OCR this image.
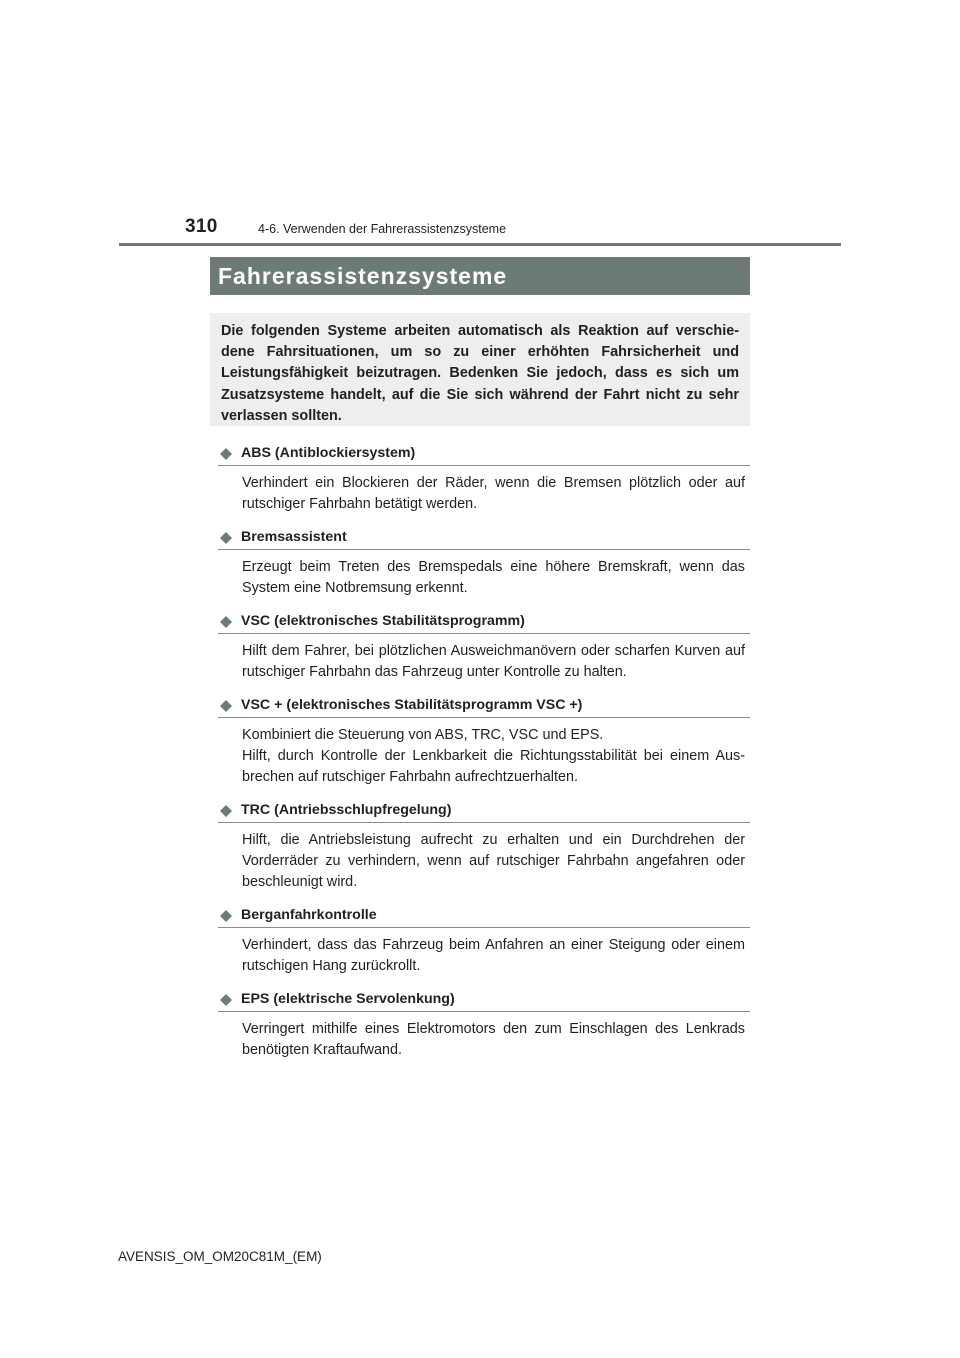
310	4-6. Verwenden der Fahrerassistenzsysteme
Fahrerassistenzsysteme
Die folgenden Systeme arbeiten automatisch als Reaktion auf verschie-dene Fahrsituationen, um so zu einer erhöhten Fahrsicherheit und Leistungsfähigkeit beizutragen. Bedenken Sie jedoch, dass es sich um Zusatzsysteme handelt, auf die Sie sich während der Fahrt nicht zu sehr verlassen sollten.
ABS (Antiblockiersystem)

Verhindert ein Blockieren der Räder, wenn die Bremsen plötzlich oder auf rutschiger Fahrbahn betätigt werden.

Bremsassistent

Erzeugt beim Treten des Bremspedals eine höhere Bremskraft, wenn das System eine Notbremsung erkennt.

VSC (elektronisches Stabilitätsprogramm)

Hilft dem Fahrer, bei plötzlichen Ausweichmanövern oder scharfen Kurven auf rutschiger Fahrbahn das Fahrzeug unter Kontrolle zu halten.

VSC + (elektronisches Stabilitätsprogramm VSC +)

Kombiniert die Steuerung von ABS, TRC, VSC und EPS.

Hilft, durch Kontrolle der Lenkbarkeit die Richtungsstabilität bei einem Aus-brechen auf rutschiger Fahrbahn aufrechtzuerhalten.

TRC (Antriebsschlupfregelung)

Hilft, die Antriebsleistung aufrecht zu erhalten und ein Durchdrehen der Vorderräder zu verhindern, wenn auf rutschiger Fahrbahn angefahren oder beschleunigt wird.

Berganfahrkontrolle

Verhindert, dass das Fahrzeug beim Anfahren an einer Steigung oder einem rutschigen Hang zurückrollt.

EPS (elektrische Servolenkung)

Verringert mithilfe eines Elektromotors den zum Einschlagen des Lenkrads benötigten Kraftaufwand.

AVENSIS_OM_OM20C81M_(EM)
